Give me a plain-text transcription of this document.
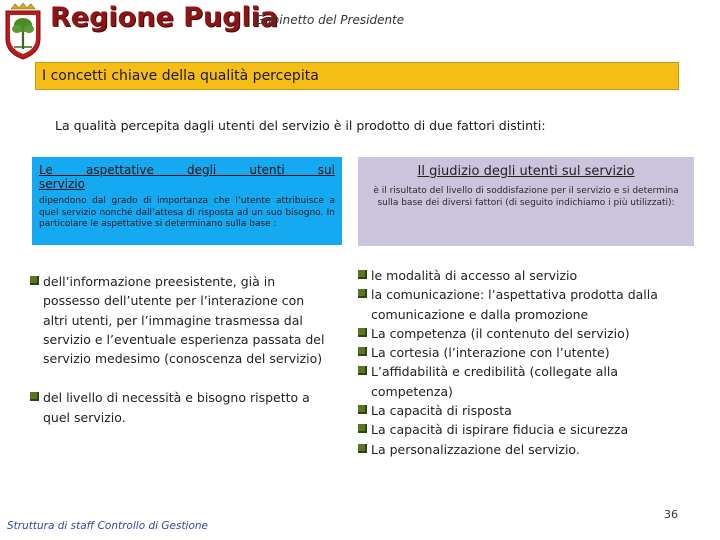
Regione Puglia
Gabinetto del Presidente
I concetti chiave della qualità percepita
La qualità percepita dagli utenti del servizio è il prodotto di due fattori distinti:
Le aspettative degli utenti sul servizio
dipendono dal grado di importanza che l’utente attribuisce a quel servizio nonché dall’attesa di risposta ad un suo bisogno. In particolare le aspettative si determinano sulla base :
Il giudizio degli utenti sul servizio
è il risultato del livello di soddisfazione per il servizio e si determina sulla base dei diversi fattori (di seguito indichiamo i più utilizzati):
dell’informazione preesistente, già in possesso dell’utente per l’interazione con altri utenti, per l’immagine trasmessa dal servizio e l’eventuale esperienza passata del servizio medesimo (conoscenza del servizio)
del livello di necessità e bisogno rispetto a quel servizio.
le modalità di accesso al servizio
la comunicazione: l’aspettativa prodotta dalla comunicazione e dalla promozione
La competenza (il contenuto del servizio)
La cortesia (l’interazione con l’utente)
L’affidabilità e credibilità (collegate alla competenza)
La capacità di risposta
La capacità di ispirare fiducia e sicurezza
La personalizzazione del servizio.
Struttura di staff Controllo di Gestione
36
